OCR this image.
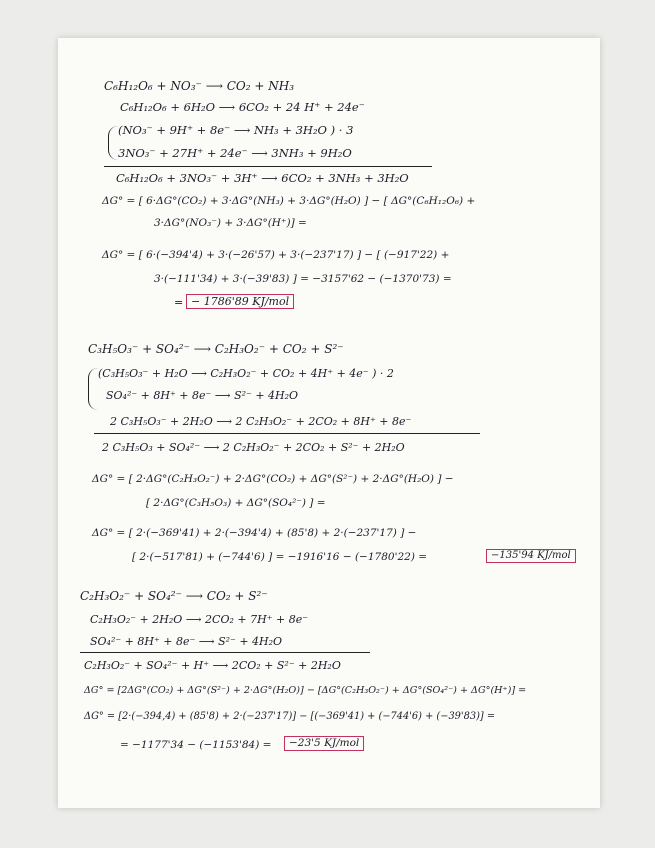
C₆H₁₂O₆ + NO₃⁻ ⟶ CO₂ + NH₃
C₆H₁₂O₆ + 6H₂O ⟶ 6CO₂ + 24 H⁺ + 24e⁻
(NO₃⁻ + 9H⁺ + 8e⁻ ⟶ NH₃ + 3H₂O ) · 3
3NO₃⁻ + 27H⁺ + 24e⁻ ⟶ 3NH₃ + 9H₂O
C₆H₁₂O₆ + 3NO₃⁻ + 3H⁺ ⟶ 6CO₂ + 3NH₃ + 3H₂O
ΔG° = [ 6·ΔG°(CO₂) + 3·ΔG°(NH₃) + 3·ΔG°(H₂O) ] − [ ΔG°(C₆H₁₂O₆) +
3·ΔG°(NO₃⁻) + 3·ΔG°(H⁺)] =
ΔG° = [ 6·(−394'4) + 3·(−26'57) + 3·(−237'17) ] − [ (−917'22) +
3·(−111'34) + 3·(−39'83) ] = −3157'62 − (−1370'73) =
= − 1786'89 KJ/mol
C₃H₅O₃⁻ + SO₄²⁻ ⟶ C₂H₃O₂⁻ + CO₂ + S²⁻
(C₃H₅O₃⁻ + H₂O ⟶ C₂H₃O₂⁻ + CO₂ + 4H⁺ + 4e⁻ ) · 2
SO₄²⁻ + 8H⁺ + 8e⁻ ⟶ S²⁻ + 4H₂O
2 C₃H₅O₃⁻ + 2H₂O ⟶ 2 C₂H₃O₂⁻ + 2CO₂ + 8H⁺ + 8e⁻
2 C₃H₅O₃ + SO₄²⁻ ⟶ 2 C₂H₃O₂⁻ + 2CO₂ + S²⁻ + 2H₂O
ΔG° = [ 2·ΔG°(C₂H₃O₂⁻) + 2·ΔG°(CO₂) + ΔG°(S²⁻) + 2·ΔG°(H₂O) ] −
[ 2·ΔG°(C₃H₅O₃) + ΔG°(SO₄²⁻) ] =
ΔG° = [ 2·(−369'41) + 2·(−394'4) + (85'8) + 2·(−237'17) ] −
[ 2·(−517'81) + (−744'6) ] = −1916'16 − (−1780'22) =	−135'94 KJ/mol
C₂H₃O₂⁻ + SO₄²⁻ ⟶ CO₂ + S²⁻
C₂H₃O₂⁻ + 2H₂O ⟶ 2CO₂ + 7H⁺ + 8e⁻
SO₄²⁻ + 8H⁺ + 8e⁻ ⟶ S²⁻ + 4H₂O
C₂H₃O₂⁻ + SO₄²⁻ + H⁺ ⟶ 2CO₂ + S²⁻ + 2H₂O
ΔG° = [2ΔG°(CO₂) + ΔG°(S²⁻) + 2·ΔG°(H₂O)] − [ΔG°(C₂H₃O₂⁻) + ΔG°(SO₄²⁻) + ΔG°(H⁺)] =
ΔG° = [2·(−394,4) + (85'8) + 2·(−237'17)] − [(−369'41) + (−744'6) + (−39'83)] =
= −1177'34 − (−1153'84) =	−23'5 KJ/mol
